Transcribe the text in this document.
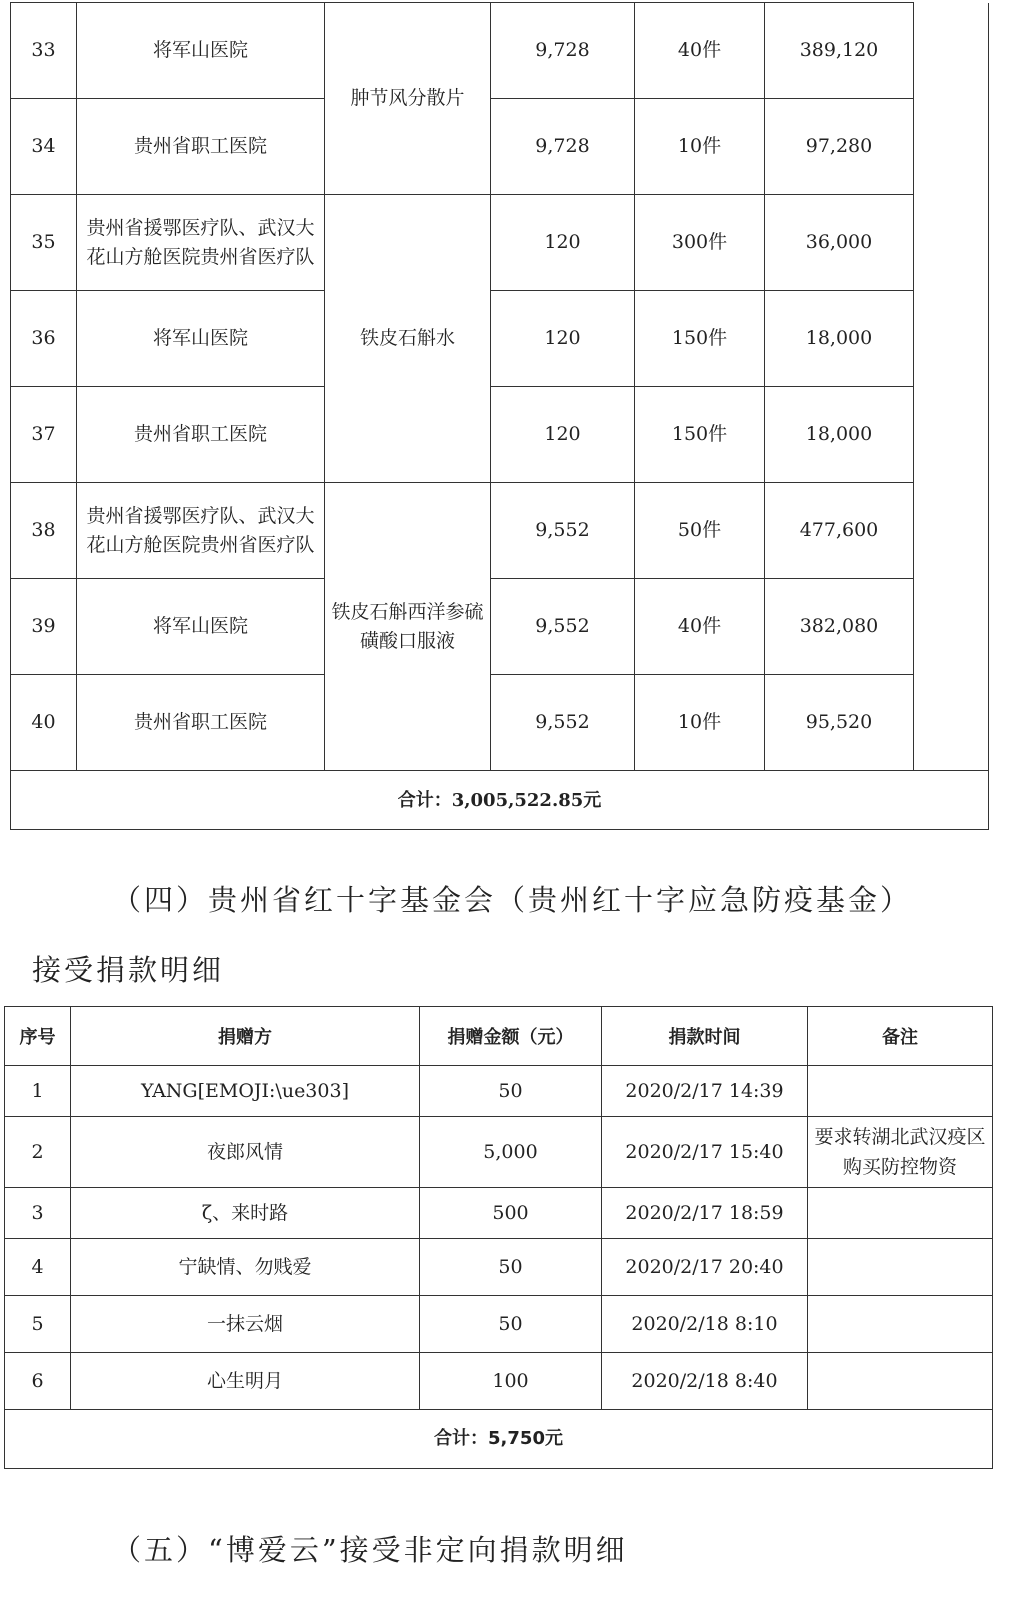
33	将军山医院	肿节风分散片	9,728	40件	389,120	
34	贵州省职工医院		9,728	10件	97,280	
35	贵州省援鄂医疗队、武汉大花山方舱医院贵州省医疗队	铁皮石斛水	120	300件	36,000	
36	将军山医院		120	150件	18,000	
37	贵州省职工医院		120	150件	18,000	
38	贵州省援鄂医疗队、武汉大花山方舱医院贵州省医疗队	铁皮石斛西洋参硫磺酸口服液	9,552	50件	477,600	
39	将军山医院		9,552	40件	382,080	
40	贵州省职工医院		9,552	10件	95,520	
合计：3,005,522.85元						
（四）贵州省红十字基金会（贵州红十字应急防疫基金）
接受捐款明细
序号	捐赠方	捐赠金额（元）	捐款时间	备注
1	YANG[EMOJI:\ue303]	50	2020/2/17 14:39	
2	夜郎风情	5,000	2020/2/17 15:40	要求转湖北武汉疫区购买防控物资
3	ζ、来时路	500	2020/2/17 18:59	
4	宁缺情、勿贱爱	50	2020/2/17 20:40	
5	一抹云烟	50	2020/2/18 8:10	
6	心生明月	100	2020/2/18 8:40	
合计：5,750元				
（五）“博爱云”接受非定向捐款明细
